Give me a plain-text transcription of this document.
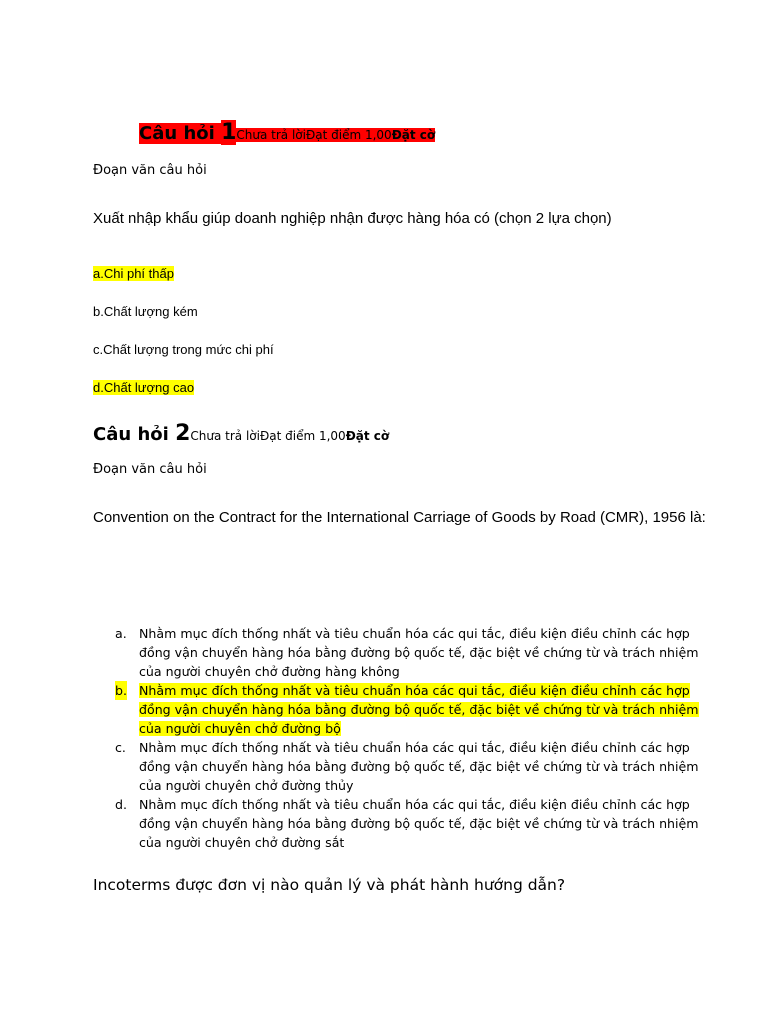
Câu hỏi 1Chưa trả lờiĐạt điểm 1,00Đặt cờ
Đoạn văn câu hỏi
Xuất nhập khẩu giúp doanh nghiệp nhận được hàng hóa có (chọn 2 lựa chọn)
a.Chi phí thấp
b.Chất lượng kém
c.Chất lượng trong mức chi phí
d.Chất lượng cao
Câu hỏi 2Chưa trả lờiĐạt điểm 1,00Đặt cờ
Đoạn văn câu hỏi
Convention on the Contract for the International Carriage of Goods by Road (CMR), 1956 là:
a. Nhằm mục đích thống nhất và tiêu chuẩn hóa các qui tắc, điều kiện điều chỉnh các hợp
đồng vận chuyển hàng hóa bằng đường bộ quốc tế, đặc biệt về chứng từ và trách nhiệm
của người chuyên chở đường hàng không
b. Nhằm mục đích thống nhất và tiêu chuẩn hóa các qui tắc, điều kiện điều chỉnh các hợp
đồng vận chuyển hàng hóa bằng đường bộ quốc tế, đặc biệt về chứng từ và trách nhiệm
của người chuyên chở đường bộ
c. Nhằm mục đích thống nhất và tiêu chuẩn hóa các qui tắc, điều kiện điều chỉnh các hợp
đồng vận chuyển hàng hóa bằng đường bộ quốc tế, đặc biệt về chứng từ và trách nhiệm
của người chuyên chở đường thủy
d. Nhằm mục đích thống nhất và tiêu chuẩn hóa các qui tắc, điều kiện điều chỉnh các hợp
đồng vận chuyển hàng hóa bằng đường bộ quốc tế, đặc biệt về chứng từ và trách nhiệm
của người chuyên chở đường sắt
Incoterms được đơn vị nào quản lý và phát hành hướng dẫn?
